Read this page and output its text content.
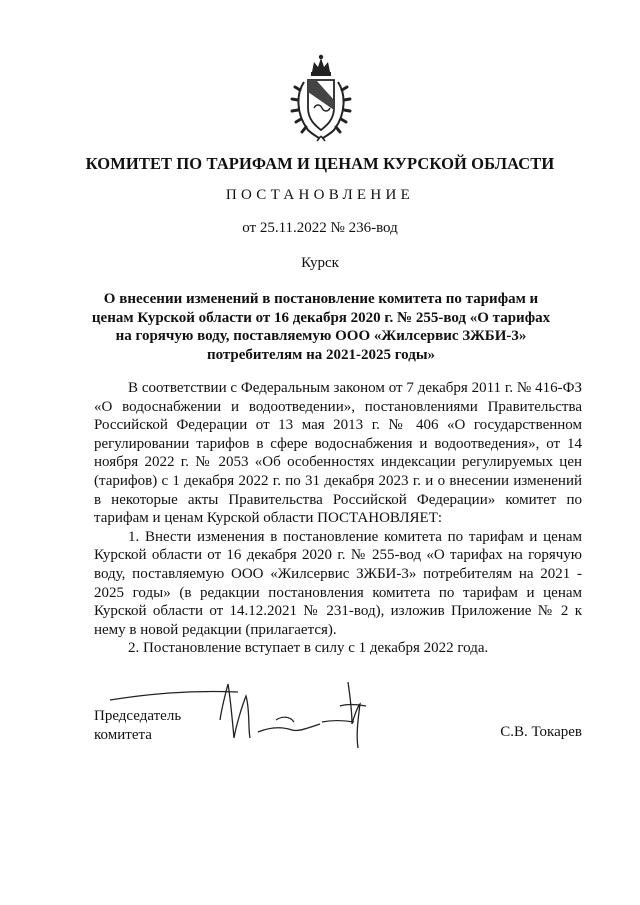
КОМИТЕТ ПО ТАРИФАМ И ЦЕНАМ КУРСКОЙ ОБЛАСТИ
ПОСТАНОВЛЕНИЕ
от 25.11.2022 № 236-вод
Курск
О внесении изменений в постановление комитета по тарифам и ценам Курской области от 16 декабря 2020 г. № 255-вод «О тарифах на горячую воду, поставляемую ООО «Жилсервис ЗЖБИ-3» потребителям на 2021-2025 годы»

В соответствии с Федеральным законом от 7 декабря 2011 г. № 416-ФЗ «О водоснабжении и водоотведении», постановлениями Правительства Российской Федерации от 13 мая 2013 г. № 406 «О государственном регулировании тарифов в сфере водоснабжения и водоотведения», от 14 ноября 2022 г. № 2053 «Об особенностях индексации регулируемых цен (тарифов) с 1 декабря 2022 г. по 31 декабря 2023 г. и о внесении изменений в некоторые акты Правительства Российской Федерации» комитет по тарифам и ценам Курской области ПОСТАНОВЛЯЕТ:

1. Внести изменения в постановление комитета по тарифам и ценам Курской области от 16 декабря 2020 г. № 255-вод «О тарифах на горячую воду, поставляемую ООО «Жилсервис ЗЖБИ-3» потребителям на 2021 - 2025 годы» (в редакции постановления комитета по тарифам и ценам Курской области от 14.12.2021 № 231-вод), изложив Приложение № 2 к нему в новой редакции (прилагается).

2. Постановление вступает в силу с 1 декабря 2022 года.

Председатель
комитета	С.В. Токарев
